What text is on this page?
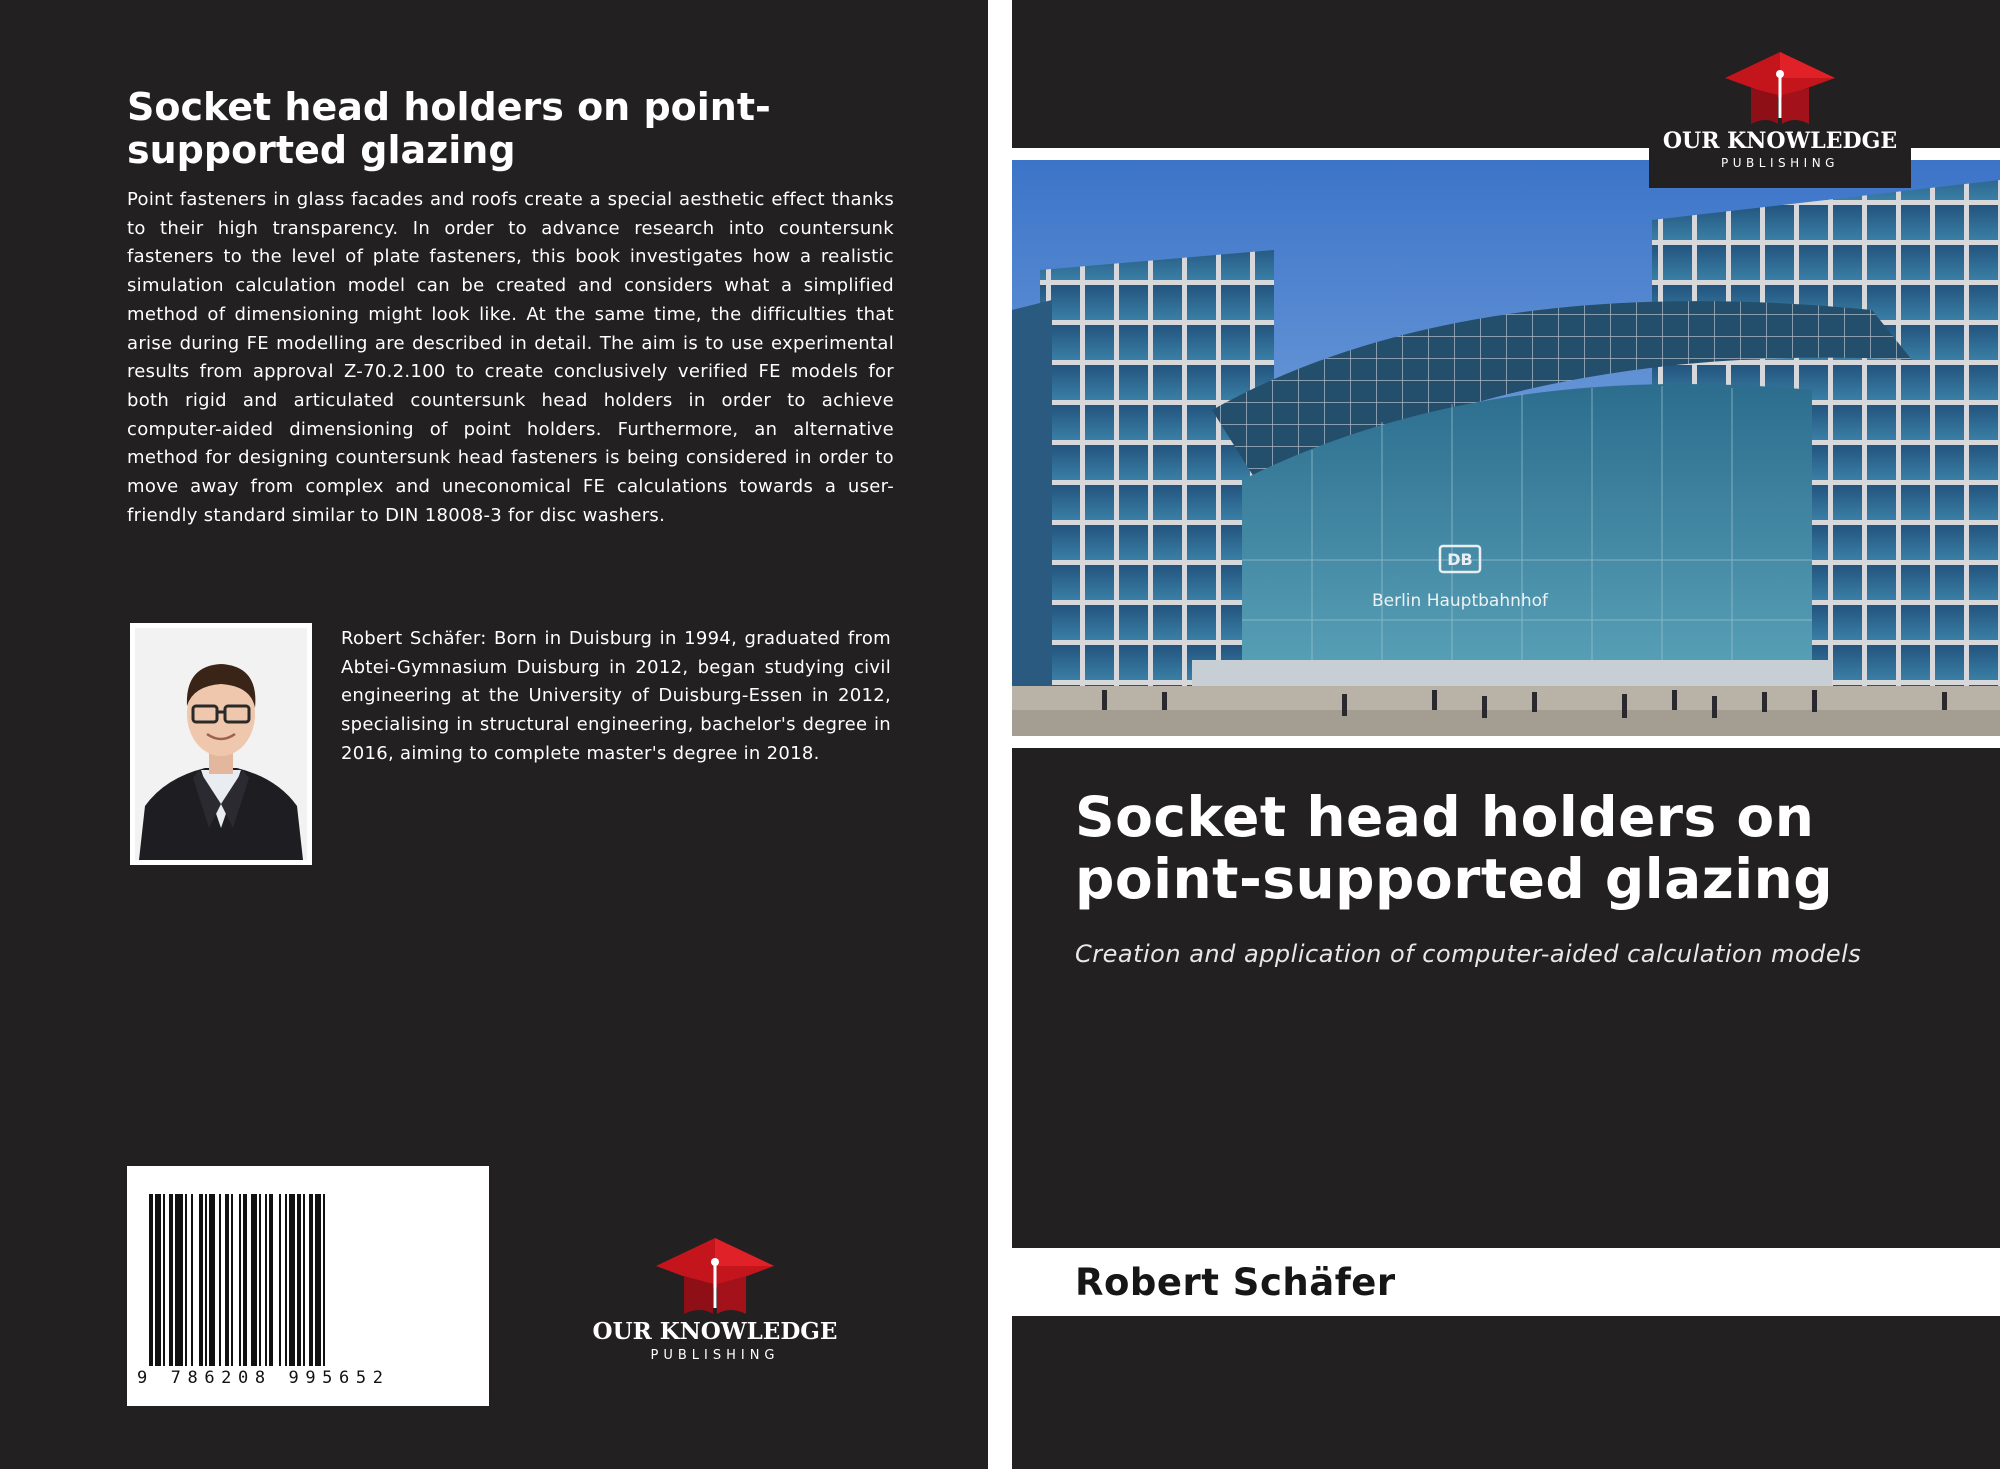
Socket head holders on point-supported glazing

Point fasteners in glass facades and roofs create a special aesthetic effect thanks to their high transparency. In order to advance research into countersunk fasteners to the level of plate fasteners, this book investigates how a realistic simulation calculation model can be created and considers what a simplified method of dimensioning might look like. At the same time, the difficulties that arise during FE modelling are described in detail. The aim is to use experimental results from approval Z-70.2.100 to create conclusively verified FE models for both rigid and articulated countersunk head holders in order to achieve computer-aided dimensioning of point holders. Furthermore, an alternative method for designing countersunk head fasteners is being considered in order to move away from complex and uneconomical FE calculations towards a user-friendly standard similar to DIN 18008-3 for disc washers.

Robert Schäfer: Born in Duisburg in 1994, graduated from Abtei-Gymnasium Duisburg in 2012, began studying civil engineering at the University of Duisburg-Essen in 2012, specialising in structural engineering, bachelor's degree in 2016, aiming to complete master's degree in 2018.

9 786208 995652
OUR KNOWLEDGE
PUBLISHING
DB
Berlin Hauptbahnhof
OUR KNOWLEDGE
PUBLISHING
Socket head holders on point-supported glazing

Creation and application of computer-aided calculation models

Robert Schäfer
